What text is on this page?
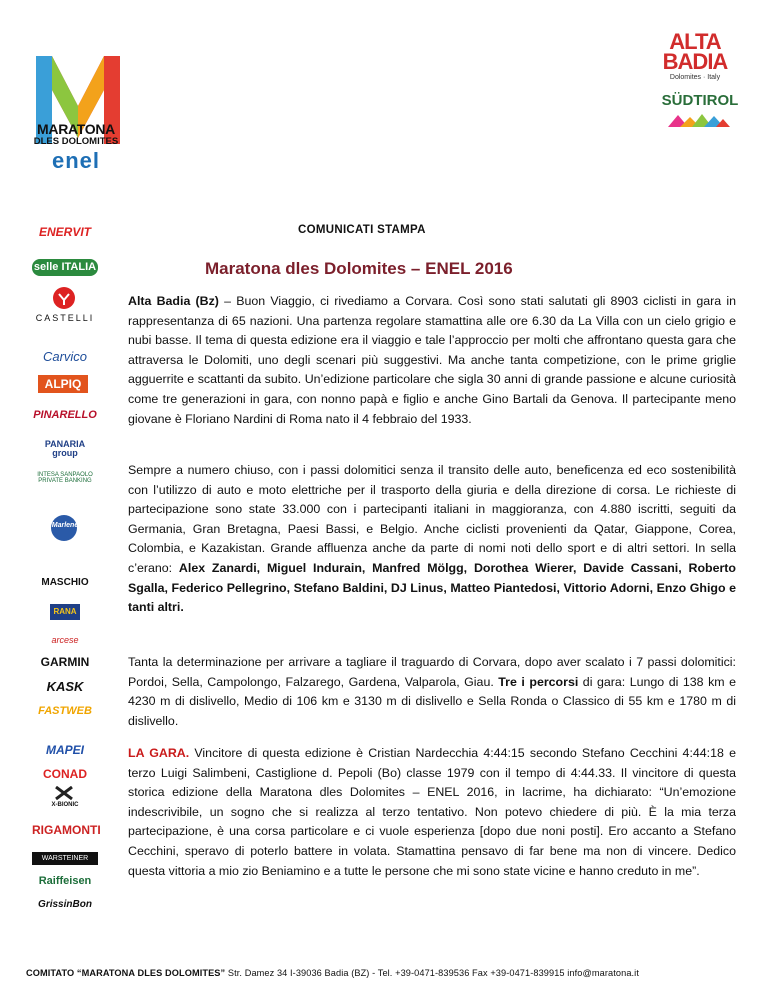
MARATONA
DLES DOLOMITES
enel
ALTA
BADIA
Dolomites · Italy
SÜDTIROL
ENERVIT
selle ITALIA
CASTELLI
Carvico
ALPIQ
PINARELLO
PANARIA group
INTESA SANPAOLO PRIVATE BANKING
Marlene
MASCHIO
RANA
arcese
GARMIN
KASK
FASTWEB
MAPEI
CONAD
X-BIONIC
RIGAMONTI
WARSTEINER
Raiffeisen
GrissinBon
COMUNICATI STAMPA
Maratona dles Dolomites – ENEL 2016
Alta Badia (Bz) – Buon Viaggio, ci rivediamo a Corvara. Così sono stati salutati gli 8903 ciclisti in gara in rappresentanza di 65 nazioni. Una partenza regolare stamattina alle ore 6.30 da La Villa con un cielo grigio e nubi basse. Il tema di questa edizione era il viaggio e tale l’approccio per molti che affrontano questa gara che attraversa le Dolomiti, uno degli scenari più suggestivi. Ma anche tanta competizione, con le prime griglie agguerrite e scattanti da subito. Un’edizione particolare che sigla 30 anni di grande passione e alcune curiosità come tre generazioni in gara, con nonno papà e figlio e anche Gino Bartali da Genova. Il partecipante meno giovane è Floriano Nardini di Roma nato il 4 febbraio del 1933.
Sempre a numero chiuso, con i passi dolomitici senza il transito delle auto, beneficenza ed eco sostenibilità con l’utilizzo di auto e moto elettriche per il trasporto della giuria e della direzione di corsa. Le richieste di partecipazione sono state 33.000 con i partecipanti italiani in maggioranza, con 4.880 iscritti, seguiti da Germania, Gran Bretagna, Paesi Bassi, e Belgio. Anche ciclisti provenienti da Qatar, Giappone, Corea, Colombia, e Kazakistan. Grande affluenza anche da parte di nomi noti dello sport e di altri settori. In sella c’erano: Alex Zanardi, Miguel Indurain, Manfred Mölgg, Dorothea Wierer, Davide Cassani, Roberto Sgalla, Federico Pellegrino, Stefano Baldini, DJ Linus, Matteo Piantedosi, Vittorio Adorni, Enzo Ghigo e tanti altri.
Tanta la determinazione per arrivare a tagliare il traguardo di Corvara, dopo aver scalato i 7 passi dolomitici: Pordoi, Sella, Campolongo, Falzarego, Gardena, Valparola, Giau. Tre i percorsi di gara: Lungo di 138 km e 4230 m di dislivello, Medio di 106 km e 3130 m di dislivello e Sella Ronda o Classico di 55 km e 1780 m di dislivello.
LA GARA. Vincitore di questa edizione è Cristian Nardecchia 4:44:15 secondo Stefano Cecchini 4:44:18 e terzo Luigi Salimbeni, Castiglione d. Pepoli (Bo) classe 1979 con il tempo di 4:44.33. Il vincitore di questa storica edizione della Maratona dles Dolomites – ENEL 2016, in lacrime, ha dichiarato: “Un’emozione indescrivibile, un sogno che si realizza al terzo tentativo. Non potevo chiedere di più. È la mia terza partecipazione, è una corsa particolare e ci vuole esperienza [dopo due noni posti]. Ero accanto a Stefano Cecchini, speravo di poterlo battere in volata. Stamattina pensavo di far bene ma non di vincere. Dedico questa vittoria a mio zio Beniamino e a tutte le persone che mi sono state vicine e hanno creduto in me”.
COMITATO “MARATONA DLES DOLOMITES” Str. Damez 34 I-39036 Badia (BZ) - Tel. +39-0471-839536 Fax +39-0471-839915 info@maratona.it
